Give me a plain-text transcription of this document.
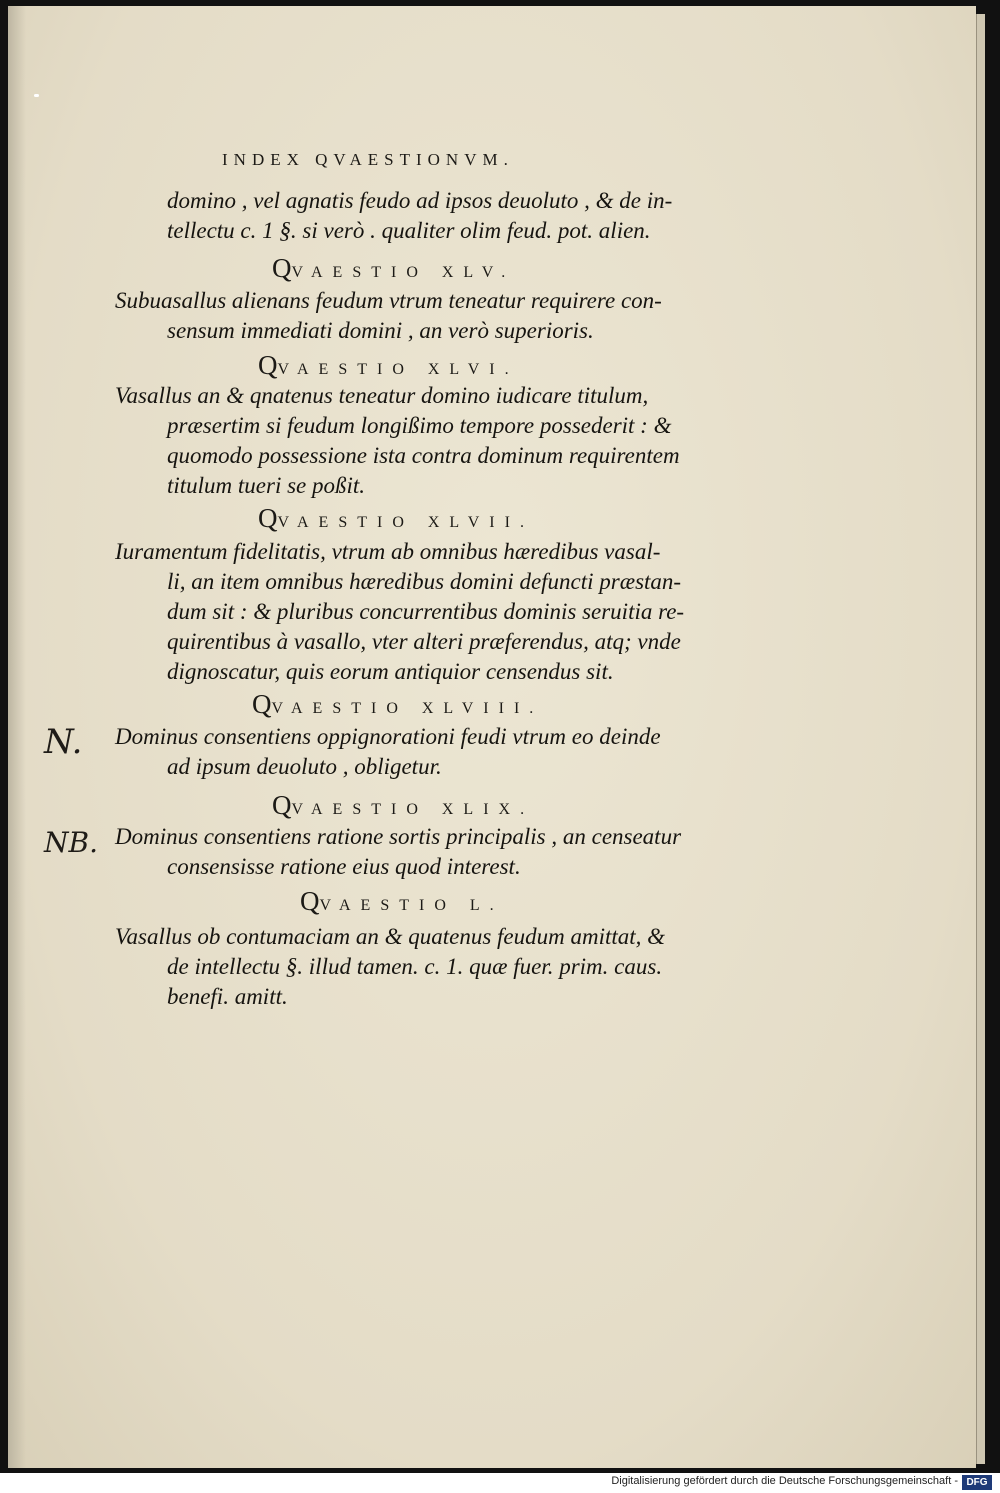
INDEX QVAESTIONVM.
domino , vel agnatis feudo ad ipsos deuoluto , & de in-
tellectu c. 1 §. si verò . qualiter olim feud. pot. alien.
QVAESTIO XLV.
Subuasallus alienans feudum vtrum teneatur requirere con-
sensum immediati domini , an verò superioris.
QVAESTIO XLVI.
Vasallus an & qnatenus teneatur domino iudicare titulum,
præsertim si feudum longißimo tempore possederit : &
quomodo possessione ista contra dominum requirentem
titulum tueri se poßit.
QVAESTIO XLVII.
Iuramentum fidelitatis, vtrum ab omnibus hæredibus vasal-
li, an item omnibus hæredibus domini defuncti præstan-
dum sit : & pluribus concurrentibus dominis seruitia re-
quirentibus à vasallo, vter alteri præferendus, atq; vnde
dignoscatur, quis eorum antiquior censendus sit.
QVAESTIO XLVIII.
Dominus consentiens oppignorationi feudi vtrum eo deinde
ad ipsum deuoluto , obligetur.
N.
QVAESTIO XLIX.
Dominus consentiens ratione sortis principalis , an censeatur
consensisse ratione eius quod interest.
NB.
QVAESTIO L.
Vasallus ob contumaciam an & quatenus feudum amittat, &
de intellectu §. illud tamen. c. 1. quæ fuer. prim. caus.
benefi. amitt.
Digitalisierung gefördert durch die Deutsche Forschungsgemeinschaft - DFG
